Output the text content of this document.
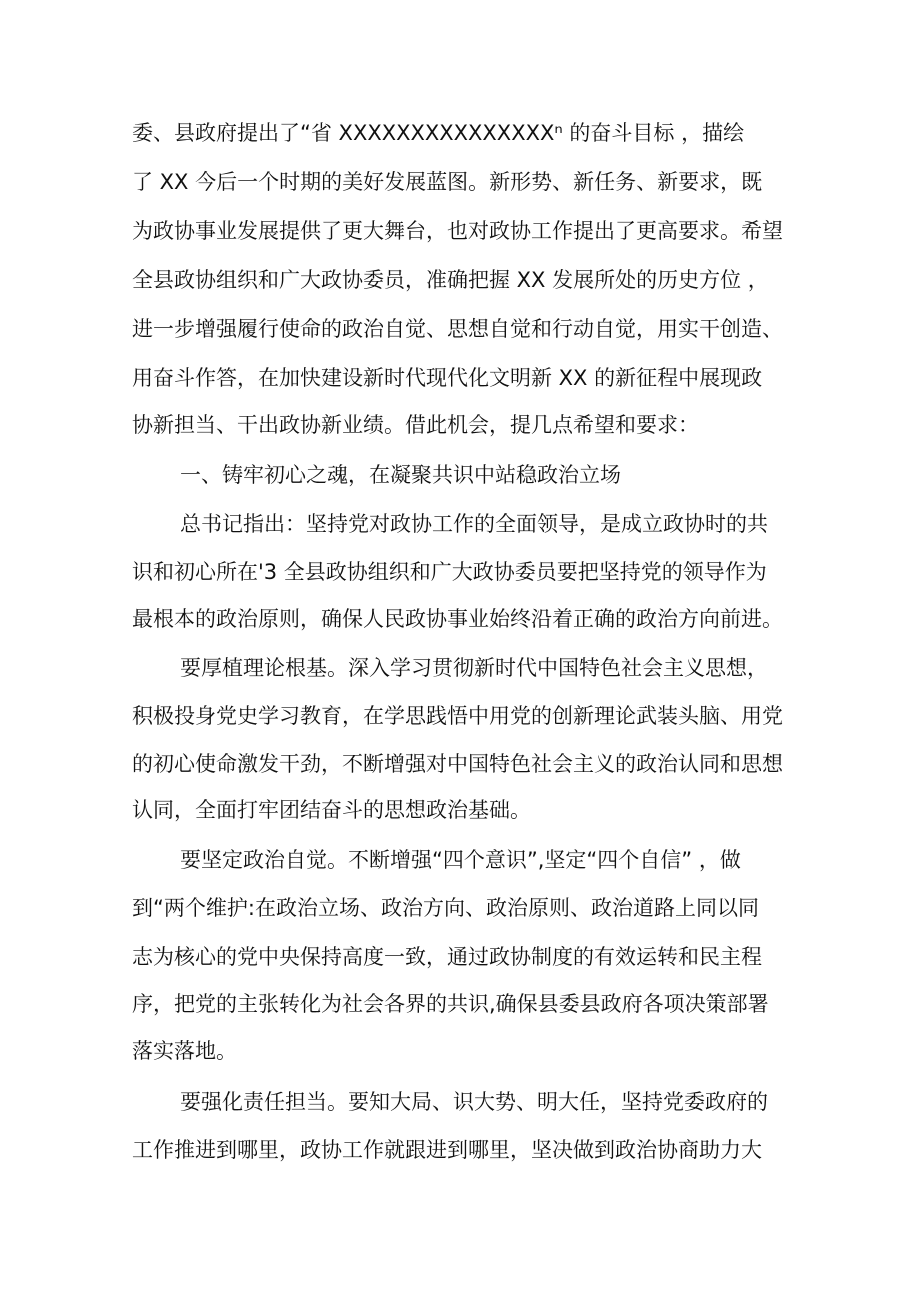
委、县政府提出了“省 XXXXXXXXXXXXXXXⁿ 的奋斗目标 ，描绘
了 XX 今后一个时期的美好发展蓝图。新形势、新任务、新要求，既
为政协事业发展提供了更大舞台，也对政协工作提出了更高要求。希望
全县政协组织和广大政协委员，准确把握 XX 发展所处的历史方位 ，
进一步增强履行使命的政治自觉、思想自觉和行动自觉，用实干创造、
用奋斗作答，在加快建设新时代现代化文明新 XX 的新征程中展现政
协新担当、干出政协新业绩。借此机会，提几点希望和要求：
一、铸牢初心之魂，在凝聚共识中站稳政治立场
总书记指出：坚持党对政协工作的全面领导，是成立政协时的共
识和初心所在'3 全县政协组织和广大政协委员要把坚持党的领导作为
最根本的政治原则，确保人民政协事业始终沿着正确的政治方向前进。
要厚植理论根基。深入学习贯彻新时代中国特色社会主义思想，
积极投身党史学习教育，在学思践悟中用党的创新理论武装头脑、用党
的初心使命激发干劲，不断增强对中国特色社会主义的政治认同和思想
认同，全面打牢团结奋斗的思想政治基础。
要坚定政治自觉。不断增强“四个意识”,坚定“四个自信” ，做
到“两个维护:在政治立场、政治方向、政治原则、政治道路上同以同
志为核心的党中央保持高度一致，通过政协制度的有效运转和民主程
序，把党的主张转化为社会各界的共识,确保县委县政府各项决策部署
落实落地。
要强化责任担当。要知大局、识大势、明大任，坚持党委政府的
工作推进到哪里，政协工作就跟进到哪里，坚决做到政治协商助力大
